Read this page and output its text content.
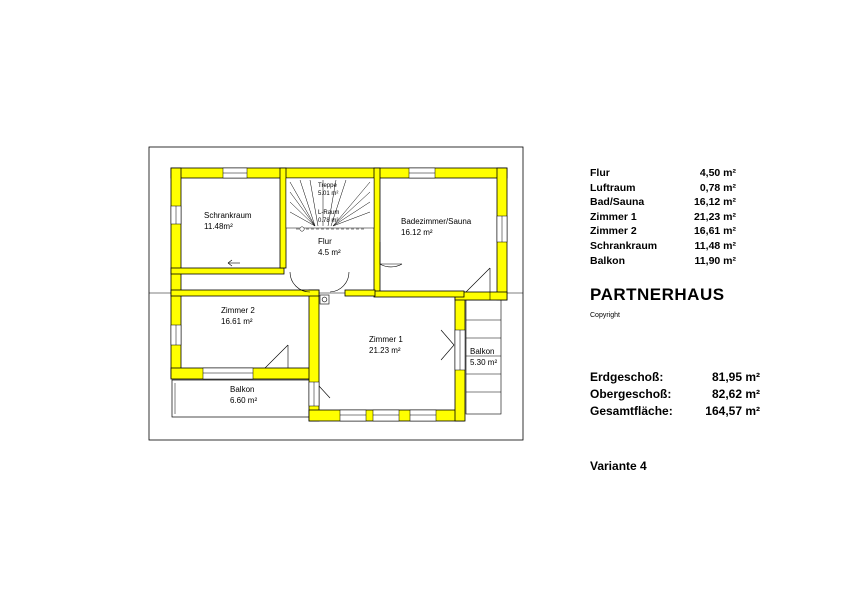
Treppe
5.01 m²
L-Raum
0.78 m²
Schrankraum
11.48m²
Flur
4.5 m²
Badezimmer/Sauna
16.12 m²
Zimmer 2
16.61 m²
Zimmer 1
21.23 m²	Balkon
5.30 m²
Balkon
6.60 m²
Flur	4,50 m²
Luftraum	0,78 m²
Bad/Sauna	16,12 m²
Zimmer 1	21,23 m²
Zimmer 2	16,61 m²
Schrankraum	11,48 m²
Balkon	11,90 m²
PARTNERHAUS
Copyright
Erdgeschoß:	81,95 m²
Obergeschoß:	82,62 m²
Gesamtfläche:	164,57 m²
Variante 4
